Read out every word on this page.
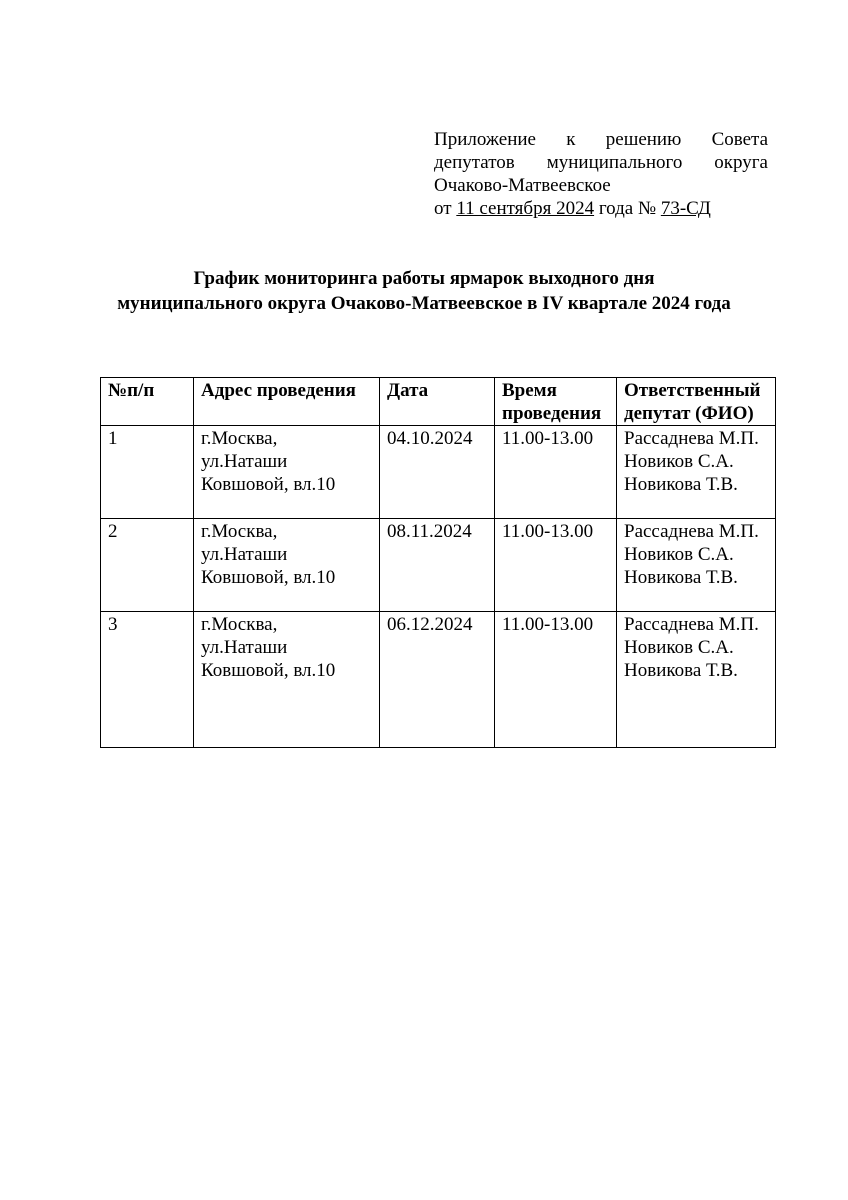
Приложение к решению Совета
депутатов муниципального округа
Очаково-Матвеевское
от 11 сентября 2024 года № 73-СД
График мониторинга работы ярмарок выходного дня
муниципального округа Очаково-Матвеевское в IV квартале 2024 года
№п/п	Адрес проведения	Дата	Время
проведения	Ответственный
депутат (ФИО)

1	г.Москва,
ул.Наташи
Ковшовой, вл.10	04.10.2024	11.00-13.00	Рассаднева М.П.
Новиков С.А.
Новикова Т.В.

2	г.Москва,
ул.Наташи
Ковшовой, вл.10	08.11.2024	11.00-13.00	Рассаднева М.П.
Новиков С.А.
Новикова Т.В.

3	г.Москва,
ул.Наташи
Ковшовой, вл.10	06.12.2024	11.00-13.00	Рассаднева М.П.
Новиков С.А.
Новикова Т.В.
